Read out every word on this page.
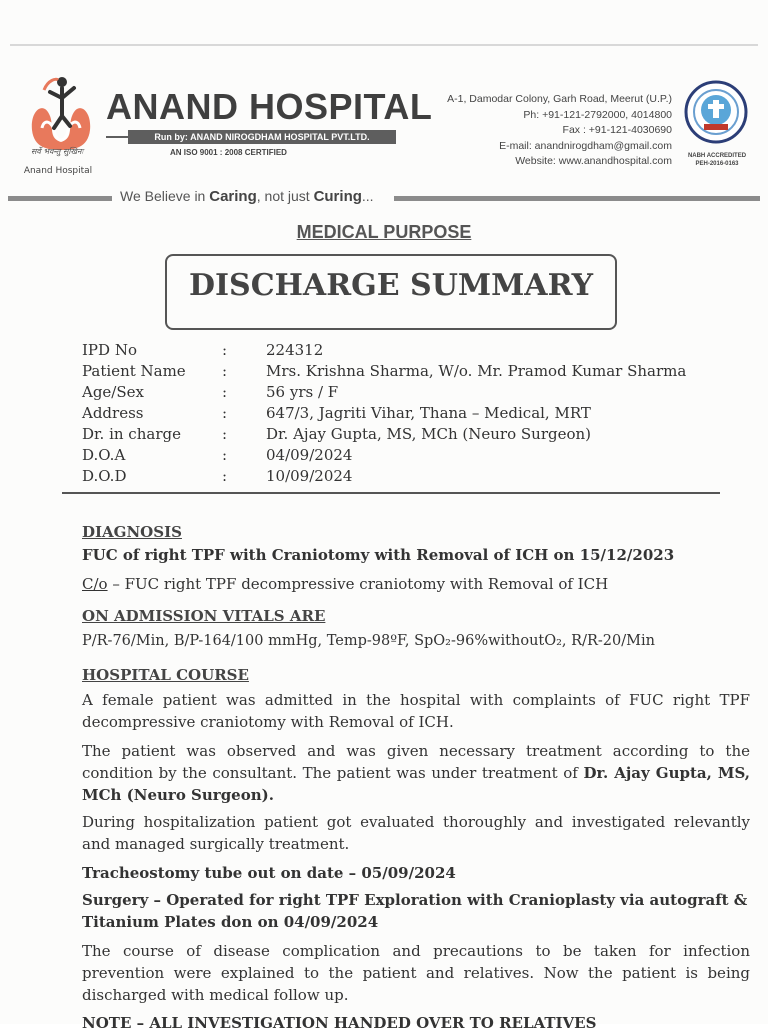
सर्वे भवन्तु सुखिनः
Anand Hospital
ANAND HOSPITAL
Run by: ANAND NIROGDHAM HOSPITAL PVT.LTD.
AN ISO 9001 : 2008 CERTIFIED
A-1, Damodar Colony, Garh Road, Meerut (U.P.)
Ph: +91-121-2792000, 4014800
Fax : +91-121-4030690
E-mail: anandnirogdham@gmail.com
Website: www.anandhospital.com	NABH ACCREDITED
PEH-2016-0163
We Believe in Caring, not just Curing...
MEDICAL PURPOSE
DISCHARGE SUMMARY
IPD No	:	224312
Patient Name	:	Mrs. Krishna Sharma, W/o. Mr. Pramod Kumar Sharma
Age/Sex	:	56 yrs / F
Address	:	647/3, Jagriti Vihar, Thana – Medical, MRT
Dr. in charge	:	Dr. Ajay Gupta, MS, MCh (Neuro Surgeon)
D.O.A	:	04/09/2024
D.O.D	:	10/09/2024
DIAGNOSIS
FUC of right TPF with Craniotomy with Removal of ICH on 15/12/2023
C/o – FUC right TPF decompressive craniotomy with Removal of ICH
ON ADMISSION VITALS ARE
P/R-76/Min, B/P-164/100 mmHg, Temp-98ºF, SpO₂-96%withoutO₂, R/R-20/Min
HOSPITAL COURSE
A female patient was admitted in the hospital with complaints of FUC right TPF decompressive craniotomy with Removal of ICH.
The patient was observed and was given necessary treatment according to the condition by the consultant. The patient was under treatment of Dr. Ajay Gupta, MS, MCh (Neuro Surgeon).
During hospitalization patient got evaluated thoroughly and investigated relevantly and managed surgically treatment.
Tracheostomy tube out on date – 05/09/2024
Surgery – Operated for right TPF Exploration with Cranioplasty via autograft & Titanium Plates don on 04/09/2024
The course of disease complication and precautions to be taken for infection prevention were explained to the patient and relatives. Now the patient is being discharged with medical follow up.
NOTE – ALL INVESTIGATION HANDED OVER TO RELATIVES
